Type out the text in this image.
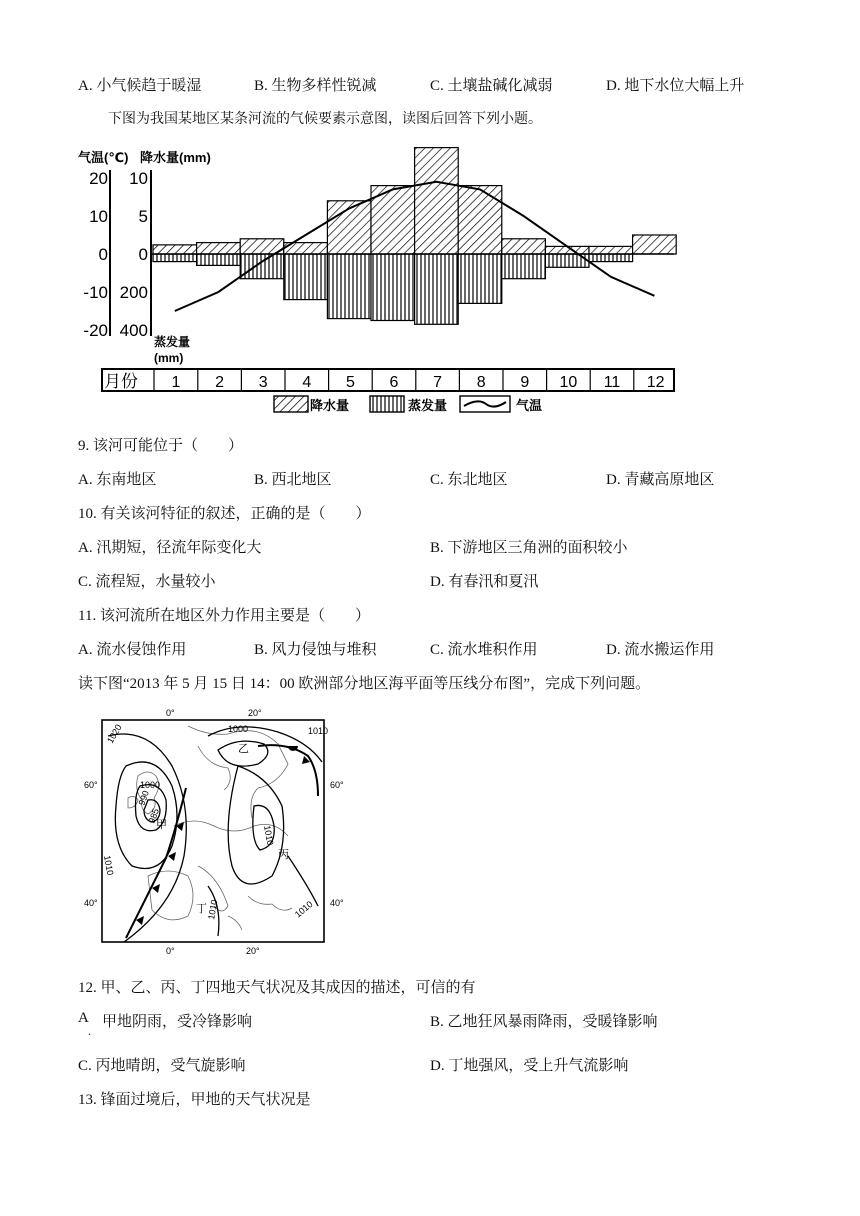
A. 小气候趋于暖湿	B. 生物多样性锐减	C. 土壤盐碱化减弱	D. 地下水位大幅上升
下图为我国某地区某条河流的气候要素示意图，读图后回答下列小题。
气温(℃) 降水量(mm)
蒸发量
(mm)
20
10
0
-10
-20
10
5
0
200
400
月份 1 2 3 4 5 6 7 8 9 10 11 12
降水量	蒸发量	气温
9. 该河可能位于（　　）
A. 东南地区	B. 西北地区	C. 东北地区	D. 青藏高原地区
10. 有关该河特征的叙述，正确的是（　　）
A. 汛期短，径流年际变化大	B. 下游地区三角洲的面积较小
C. 流程短，水量较小	D. 有春汛和夏汛
11. 该河流所在地区外力作用主要是（　　）
A. 流水侵蚀作用	B. 风力侵蚀与堆积	C. 流水堆积作用	D. 流水搬运作用
读下图“2013 年 5 月 15 日 14：00 欧洲部分地区海平面等压线分布图”，完成下列问题。
0°	20°
0°	20°
60°
40°
60°
40°
1020
1000
1010
990
985
1010
1000
1010
1010
1010
甲
乙
丙
丁
12. 甲、乙、丙、丁四地天气状况及其成因的描述，可信的有
A
.
甲地阴雨，受冷锋影响	B. 乙地狂风暴雨降雨，受暖锋影响
C. 丙地晴朗，受气旋影响	D. 丁地强风，受上升气流影响
13. 锋面过境后，甲地的天气状况是
